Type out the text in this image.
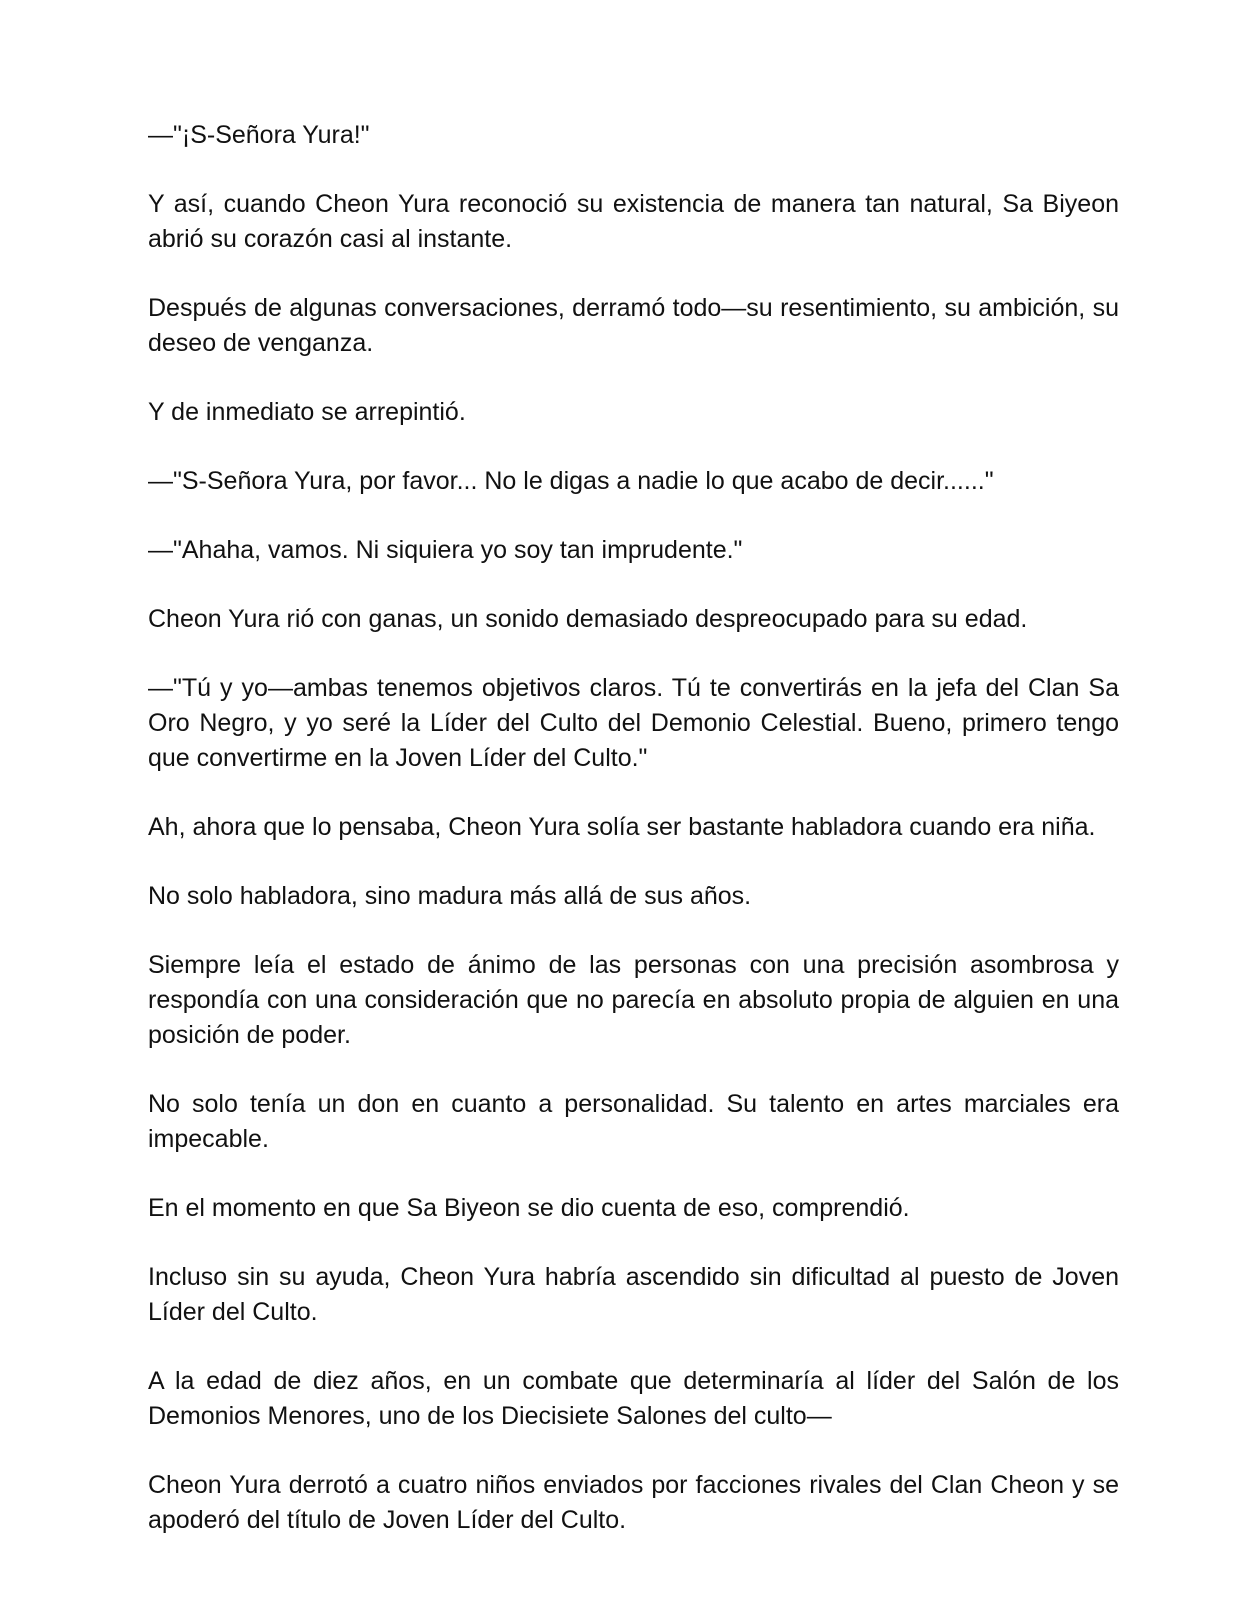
—"¡S-Señora Yura!"

Y así, cuando Cheon Yura reconoció su existencia de manera tan natural, Sa Biyeon abrió su corazón casi al instante.

Después de algunas conversaciones, derramó todo—su resentimiento, su ambición, su deseo de venganza.

Y de inmediato se arrepintió.

—"S-Señora Yura, por favor... No le digas a nadie lo que acabo de decir......"

—"Ahaha, vamos. Ni siquiera yo soy tan imprudente."

Cheon Yura rió con ganas, un sonido demasiado despreocupado para su edad.

—"Tú y yo—ambas tenemos objetivos claros. Tú te convertirás en la jefa del Clan Sa Oro Negro, y yo seré la Líder del Culto del Demonio Celestial. Bueno, primero tengo que convertirme en la Joven Líder del Culto."

Ah, ahora que lo pensaba, Cheon Yura solía ser bastante habladora cuando era niña.

No solo habladora, sino madura más allá de sus años.

Siempre leía el estado de ánimo de las personas con una precisión asombrosa y respondía con una consideración que no parecía en absoluto propia de alguien en una posición de poder.

No solo tenía un don en cuanto a personalidad. Su talento en artes marciales era impecable.

En el momento en que Sa Biyeon se dio cuenta de eso, comprendió.

Incluso sin su ayuda, Cheon Yura habría ascendido sin dificultad al puesto de Joven Líder del Culto.

A la edad de diez años, en un combate que determinaría al líder del Salón de los Demonios Menores, uno de los Diecisiete Salones del culto—

Cheon Yura derrotó a cuatro niños enviados por facciones rivales del Clan Cheon y se apoderó del título de Joven Líder del Culto.
